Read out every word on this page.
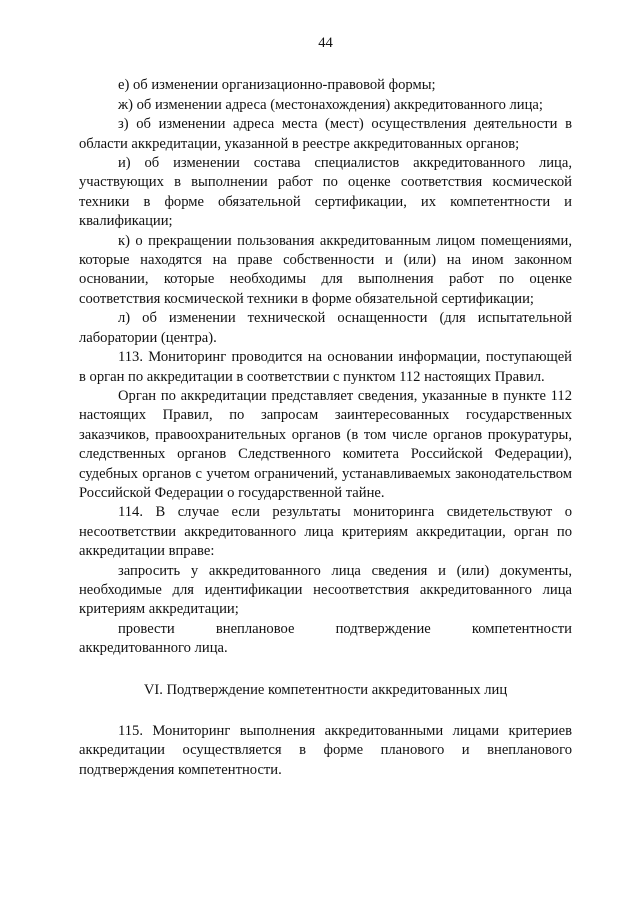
44

е) об изменении организационно-правовой формы;

ж) об изменении адреса (местонахождения) аккредитованного лица;

з) об изменении адреса места (мест) осуществления деятельности в области аккредитации, указанной в реестре аккредитованных органов;

и) об изменении состава специалистов аккредитованного лица, участвующих в выполнении работ по оценке соответствия космической техники в форме обязательной сертификации, их компетентности и квалификации;

к) о прекращении пользования аккредитованным лицом помещениями, которые находятся на праве собственности и (или) на ином законном основании, которые необходимы для выполнения работ по оценке соответствия космической техники в форме обязательной сертификации;

л) об изменении технической оснащенности (для испытательной лаборатории (центра).

113. Мониторинг проводится на основании информации, поступающей в орган по аккредитации в соответствии с пунктом 112 настоящих Правил.

Орган по аккредитации представляет сведения, указанные в пункте 112 настоящих Правил, по запросам заинтересованных государственных заказчиков, правоохранительных органов (в том числе органов прокуратуры, следственных органов Следственного комитета Российской Федерации), судебных органов с учетом ограничений, устанавливаемых законодательством Российской Федерации о государственной тайне.

114. В случае если результаты мониторинга свидетельствуют о несоответствии аккредитованного лица критериям аккредитации, орган по аккредитации вправе:

запросить у аккредитованного лица сведения и (или) документы, необходимые для идентификации несоответствия аккредитованного лица критериям аккредитации;

провести внеплановое подтверждение компетентности аккредитованного лица.

VI. Подтверждение компетентности аккредитованных лиц

115. Мониторинг выполнения аккредитованными лицами критериев аккредитации осуществляется в форме планового и внепланового подтверждения компетентности.
